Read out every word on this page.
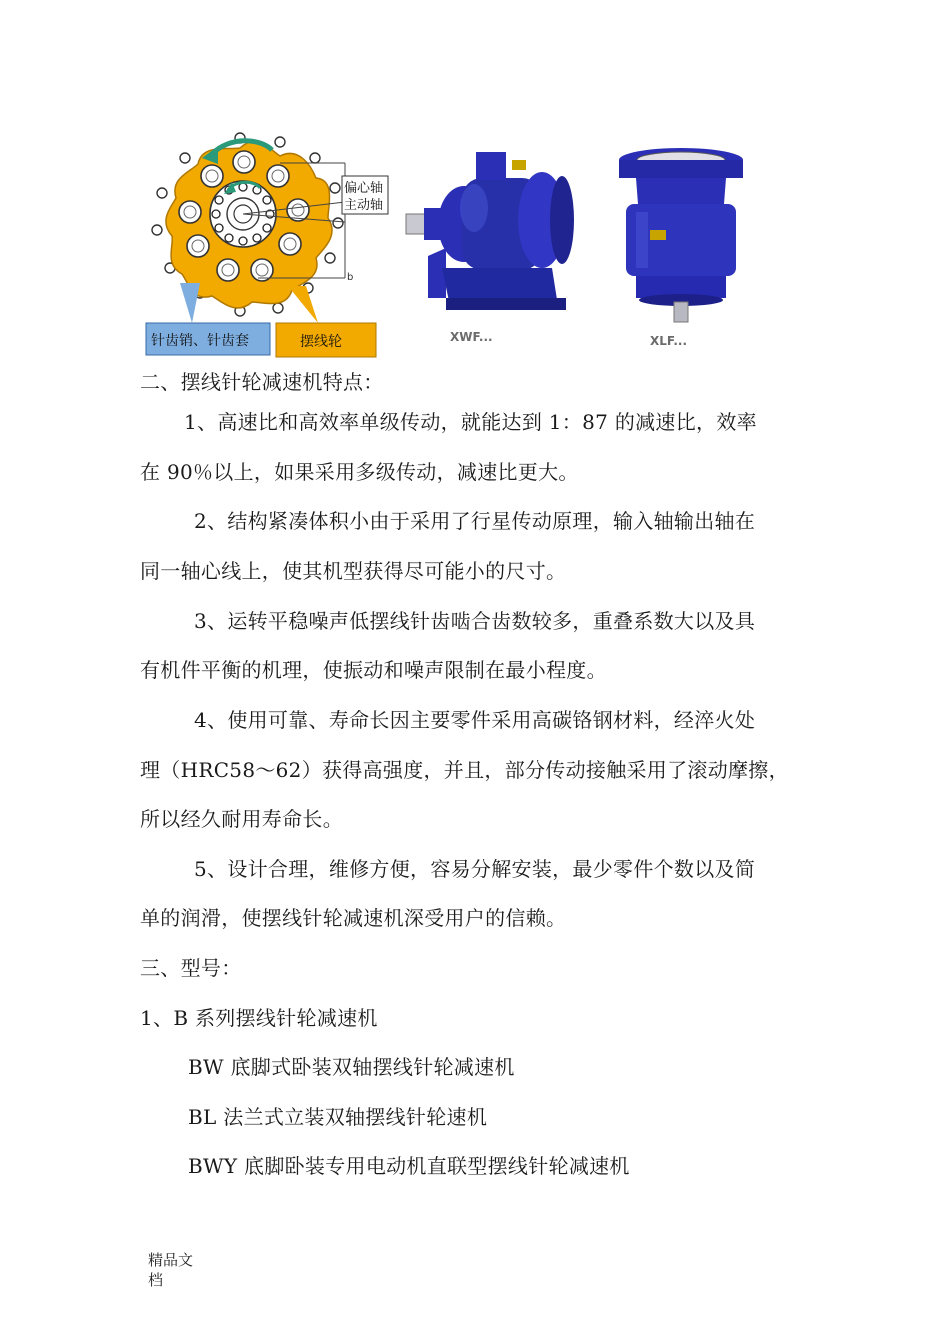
b
偏心轴
主动轴
针齿销、针齿套	摆线轮	XWF...	XLF...
二、摆线针轮减速机特点：
1、高速比和高效率单级传动，就能达到 1：87 的减速比，效率
在 90％以上，如果采用多级传动，减速比更大。
2、结构紧凑体积小由于采用了行星传动原理，输入轴输出轴在
同一轴心线上，使其机型获得尽可能小的尺寸。
3、运转平稳噪声低摆线针齿啮合齿数较多，重叠系数大以及具
有机件平衡的机理，使振动和噪声限制在最小程度。
4、使用可靠、寿命长因主要零件采用高碳铬钢材料，经淬火处
理（HRC58～62）获得高强度，并且，部分传动接触采用了滚动摩擦，
所以经久耐用寿命长。
5、设计合理，维修方便，容易分解安装，最少零件个数以及简
单的润滑，使摆线针轮减速机深受用户的信赖。
三、型号：
1、B 系列摆线针轮减速机
BW 底脚式卧装双轴摆线针轮减速机
BL 法兰式立装双轴摆线针轮速机
BWY 底脚卧装专用电动机直联型摆线针轮减速机
精品文
档
